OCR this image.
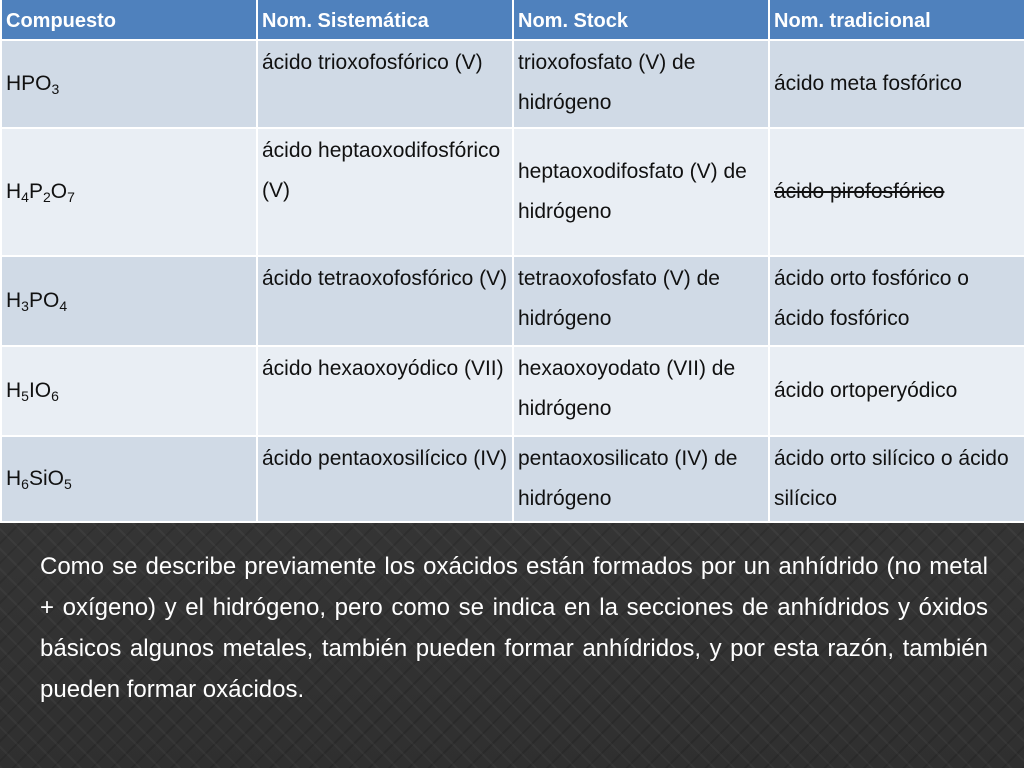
Compuesto	Nom. Sistemática	Nom. Stock	Nom. tradicional
$HPO_3$	ácido trioxofosfórico (V)	trioxofosfato (V) de hidrógeno	ácido meta fosfórico
$H_4P_2O_7$	ácido heptaoxodifosfórico (V)	heptaoxodifosfato (V) de hidrógeno	ácido pirofosfórico
$H_3PO_4$	ácido tetraoxofosfórico (V)	tetraoxofosfato (V) de hidrógeno	ácido orto fosfórico o ácido fosfórico
$H_5IO_6$	ácido hexaoxoyódico (VII)	hexaoxoyodato (VII) de hidrógeno	ácido ortoperyódico
$H_6SiO_5$	ácido pentaoxosilícico (IV)	pentaoxosilicato (IV) de hidrógeno	ácido orto silícico o ácido silícico

Como se describe previamente los oxácidos están formados por un anhídrido (no metal + oxígeno) y el hidrógeno, pero como se indica en la secciones de anhídridos y óxidos básicos algunos metales, también pueden formar anhídridos, y por esta razón, también pueden formar oxácidos.
